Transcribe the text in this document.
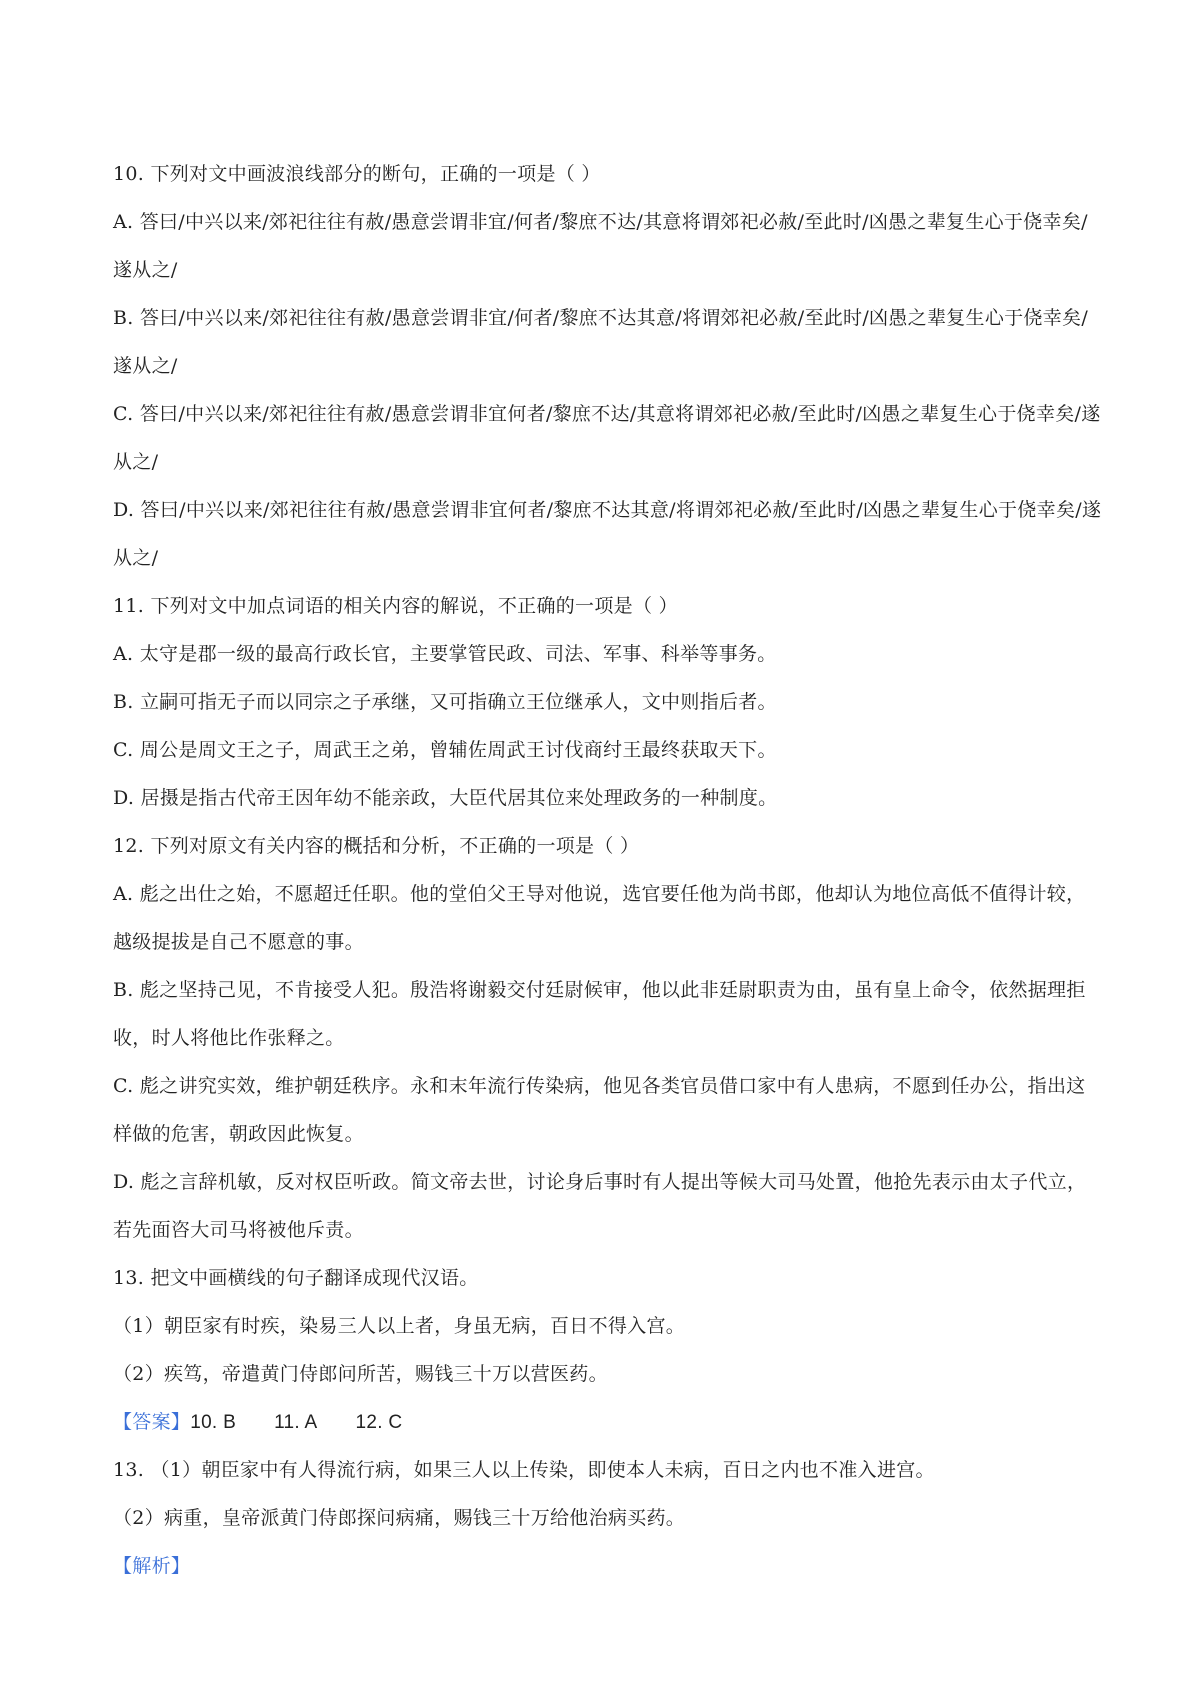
10. 下列对文中画波浪线部分的断句，正确的一项是（ ）
A. 答曰/中兴以来/郊祀往往有赦/愚意尝谓非宜/何者/黎庶不达/其意将谓郊祀必赦/至此时/凶愚之辈复生心于侥幸矣/遂从之/
B. 答曰/中兴以来/郊祀往往有赦/愚意尝谓非宜/何者/黎庶不达其意/将谓郊祀必赦/至此时/凶愚之辈复生心于侥幸矣/遂从之/
C. 答曰/中兴以来/郊祀往往有赦/愚意尝谓非宜何者/黎庶不达/其意将谓郊祀必赦/至此时/凶愚之辈复生心于侥幸矣/遂从之/
D. 答曰/中兴以来/郊祀往往有赦/愚意尝谓非宜何者/黎庶不达其意/将谓郊祀必赦/至此时/凶愚之辈复生心于侥幸矣/遂从之/
11. 下列对文中加点词语的相关内容的解说，不正确的一项是（ ）
A. 太守是郡一级的最高行政长官，主要掌管民政、司法、军事、科举等事务。
B. 立嗣可指无子而以同宗之子承继，又可指确立王位继承人，文中则指后者。
C. 周公是周文王之子，周武王之弟，曾辅佐周武王讨伐商纣王最终获取天下。
D. 居摄是指古代帝王因年幼不能亲政，大臣代居其位来处理政务的一种制度。
12. 下列对原文有关内容的概括和分析，不正确的一项是（ ）
A. 彪之出仕之始，不愿超迁任职。他的堂伯父王导对他说，选官要任他为尚书郎，他却认为地位高低不值得计较，越级提拔是自己不愿意的事。
B. 彪之坚持己见，不肯接受人犯。殷浩将谢毅交付廷尉候审，他以此非廷尉职责为由，虽有皇上命令，依然据理拒收，时人将他比作张释之。
C. 彪之讲究实效，维护朝廷秩序。永和末年流行传染病，他见各类官员借口家中有人患病，不愿到任办公，指出这样做的危害，朝政因此恢复。
D. 彪之言辞机敏，反对权臣听政。简文帝去世，讨论身后事时有人提出等候大司马处置，他抢先表示由太子代立，若先面咨大司马将被他斥责。
13. 把文中画横线的句子翻译成现代汉语。
（1）朝臣家有时疾，染易三人以上者，身虽无病，百日不得入宫。
（2）疾笃，帝遣黄门侍郎问所苦，赐钱三十万以营医药。
【答案】10. B 11. A 12. C
13. （1）朝臣家中有人得流行病，如果三人以上传染，即使本人未病，百日之内也不准入进宫。
（2）病重，皇帝派黄门侍郎探问病痛，赐钱三十万给他治病买药。
【解析】
